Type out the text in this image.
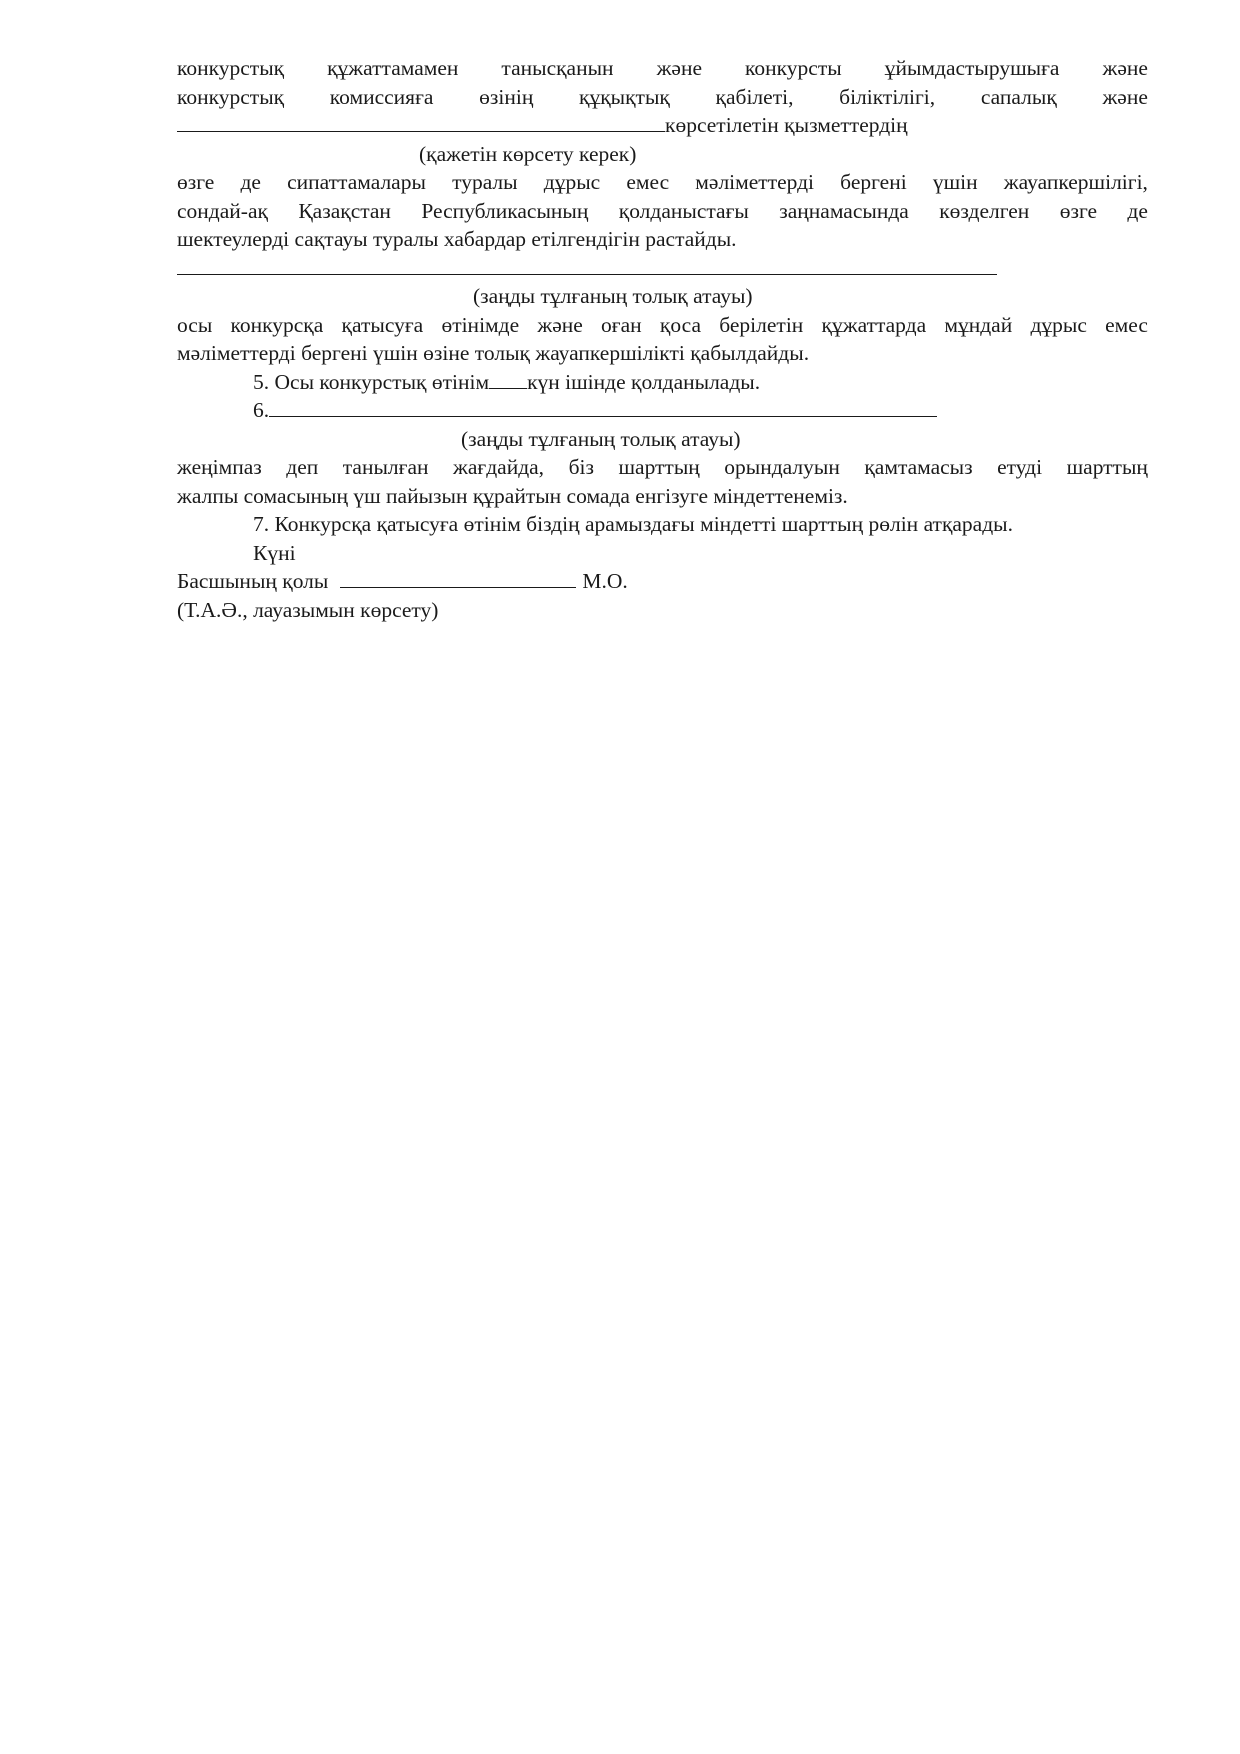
конкурстық құжаттамамен танысқанын және конкурсты ұйымдастырушыға және
конкурстық комиссияға өзінің құқықтық қабілеті, біліктілігі, сапалық және
көрсетілетін қызметтердің
(қажетін көрсету керек)
өзге де сипаттамалары туралы дұрыс емес мәліметтерді бергені үшін жауапкершілігі,
сондай-ақ Қазақстан Республикасының қолданыстағы заңнамасында көзделген өзге де
шектеулерді сақтауы туралы хабардар етілгендігін растайды.
(заңды тұлғаның толық атауы)
осы конкурсқа қатысуға өтінімде және оған қоса берілетін құжаттарда мұндай дұрыс емес
мәліметтерді бергені үшін өзіне толық жауапкершілікті қабылдайды.
5. Осы конкурстық өтінім күн ішінде қолданылады.
6.
(заңды тұлғаның толық атауы)
жеңімпаз деп танылған жағдайда, біз шарттың орындалуын қамтамасыз етуді шарттың
жалпы сомасының үш пайызын құрайтын сомада енгізуге міндеттенеміз.
7. Конкурсқа қатысуға өтінім біздің арамыздағы міндетті шарттың рөлін атқарады.
Күні
Басшының қолы	М.О.
(Т.А.Ә., лауазымын көрсету)
